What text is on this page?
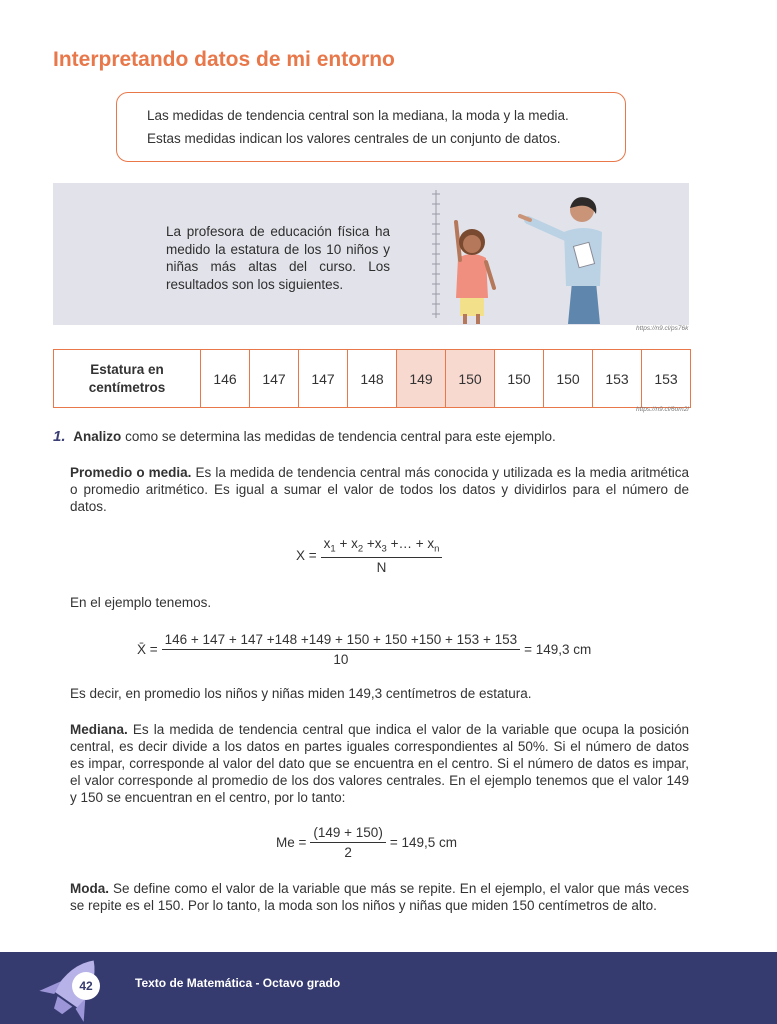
Interpretando datos de mi entorno

Las medidas de tendencia central son la mediana, la moda y la media.

Estas medidas indican los valores centrales de un conjunto de datos.

La profesora de educación física ha medido la estatura de los 10 niños y niñas más altas del curso. Los resultados son los siguientes.

https://n9.cl/ps76k
Estatura en centímetros	146	147	147	148	149	150	150	150	153	153
https://n9.cl/6om2l

1. Analizo como se determina las medidas de tendencia central para este ejemplo.

Promedio o media. Es la medida de tendencia central más conocida y utilizada es la media aritmética o promedio aritmético. Es igual a sumar el valor de todos los datos y dividirlos para el número de datos.

$X = \frac{x_1 + x_2 +x_3 +\dots + x_n}{N}$

En el ejemplo tenemos.

X̄ = $\frac{146 + 147 + 147 +148 +149 + 150 + 150 +150 + 153 + 153}{10} = 149,3$ cm

Es decir, en promedio los niños y niñas miden 149,3 centímetros de estatura.

Mediana. Es la medida de tendencia central que indica el valor de la variable que ocupa la posición central, es decir divide a los datos en partes iguales correspondientes al 50%. Si el número de datos es impar, corresponde al valor del dato que se encuentra en el centro. Si el número de datos es impar, el valor corresponde al promedio de los dos valores centrales. En el ejemplo tenemos que el valor 149 y 150 se encuentran en el centro, por lo tanto:

$Me = \frac{(149 + 150)}{2} = 149,5$ cm

Moda. Se define como el valor de la variable que más se repite. En el ejemplo, el valor que más veces se repite es el 150. Por lo tanto, la moda son los niños y niñas que miden 150 centímetros de alto.

42	Texto de Matemática - Octavo grado
